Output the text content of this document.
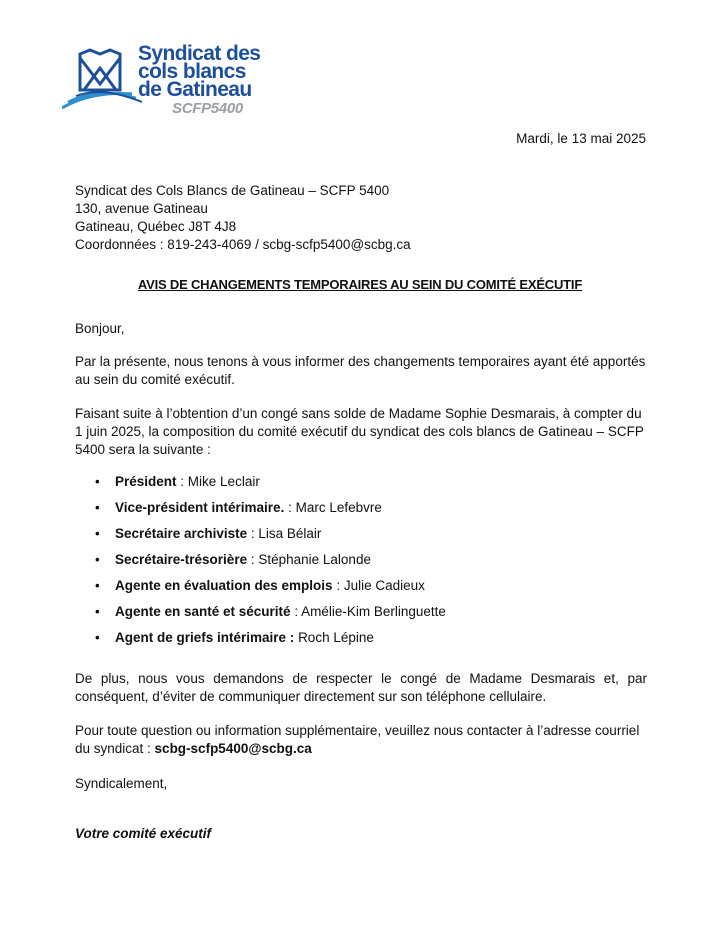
Syndicat des
cols blancs
de Gatineau
SCFP5400
Mardi, le 13 mai 2025
Syndicat des Cols Blancs de Gatineau – SCFP 5400
130, avenue Gatineau
Gatineau, Québec J8T 4J8
Coordonnées : 819-243-4069 / scbg-scfp5400@scbg.ca
AVIS DE CHANGEMENTS TEMPORAIRES AU SEIN DU COMITÉ EXÉCUTIF
Bonjour,
Par la présente, nous tenons à vous informer des changements temporaires ayant été apportés au sein du comité exécutif.
Faisant suite à l’obtention d’un congé sans solde de Madame Sophie Desmarais, à compter du 1 juin 2025, la composition du comité exécutif du syndicat des cols blancs de Gatineau – SCFP 5400 sera la suivante :
• Président : Mike Leclair
• Vice-président intérimaire. : Marc Lefebvre
• Secrétaire archiviste : Lisa Bélair
• Secrétaire-trésorière : Stéphanie Lalonde
• Agente en évaluation des emplois : Julie Cadieux
• Agente en santé et sécurité : Amélie-Kim Berlinguette
• Agent de griefs intérimaire : Roch Lépine
De plus, nous vous demandons de respecter le congé de Madame Desmarais et, par conséquent, d’éviter de communiquer directement sur son téléphone cellulaire.
Pour toute question ou information supplémentaire, veuillez nous contacter à l’adresse courriel du syndicat : scbg-scfp5400@scbg.ca
Syndicalement,
Votre comité exécutif
